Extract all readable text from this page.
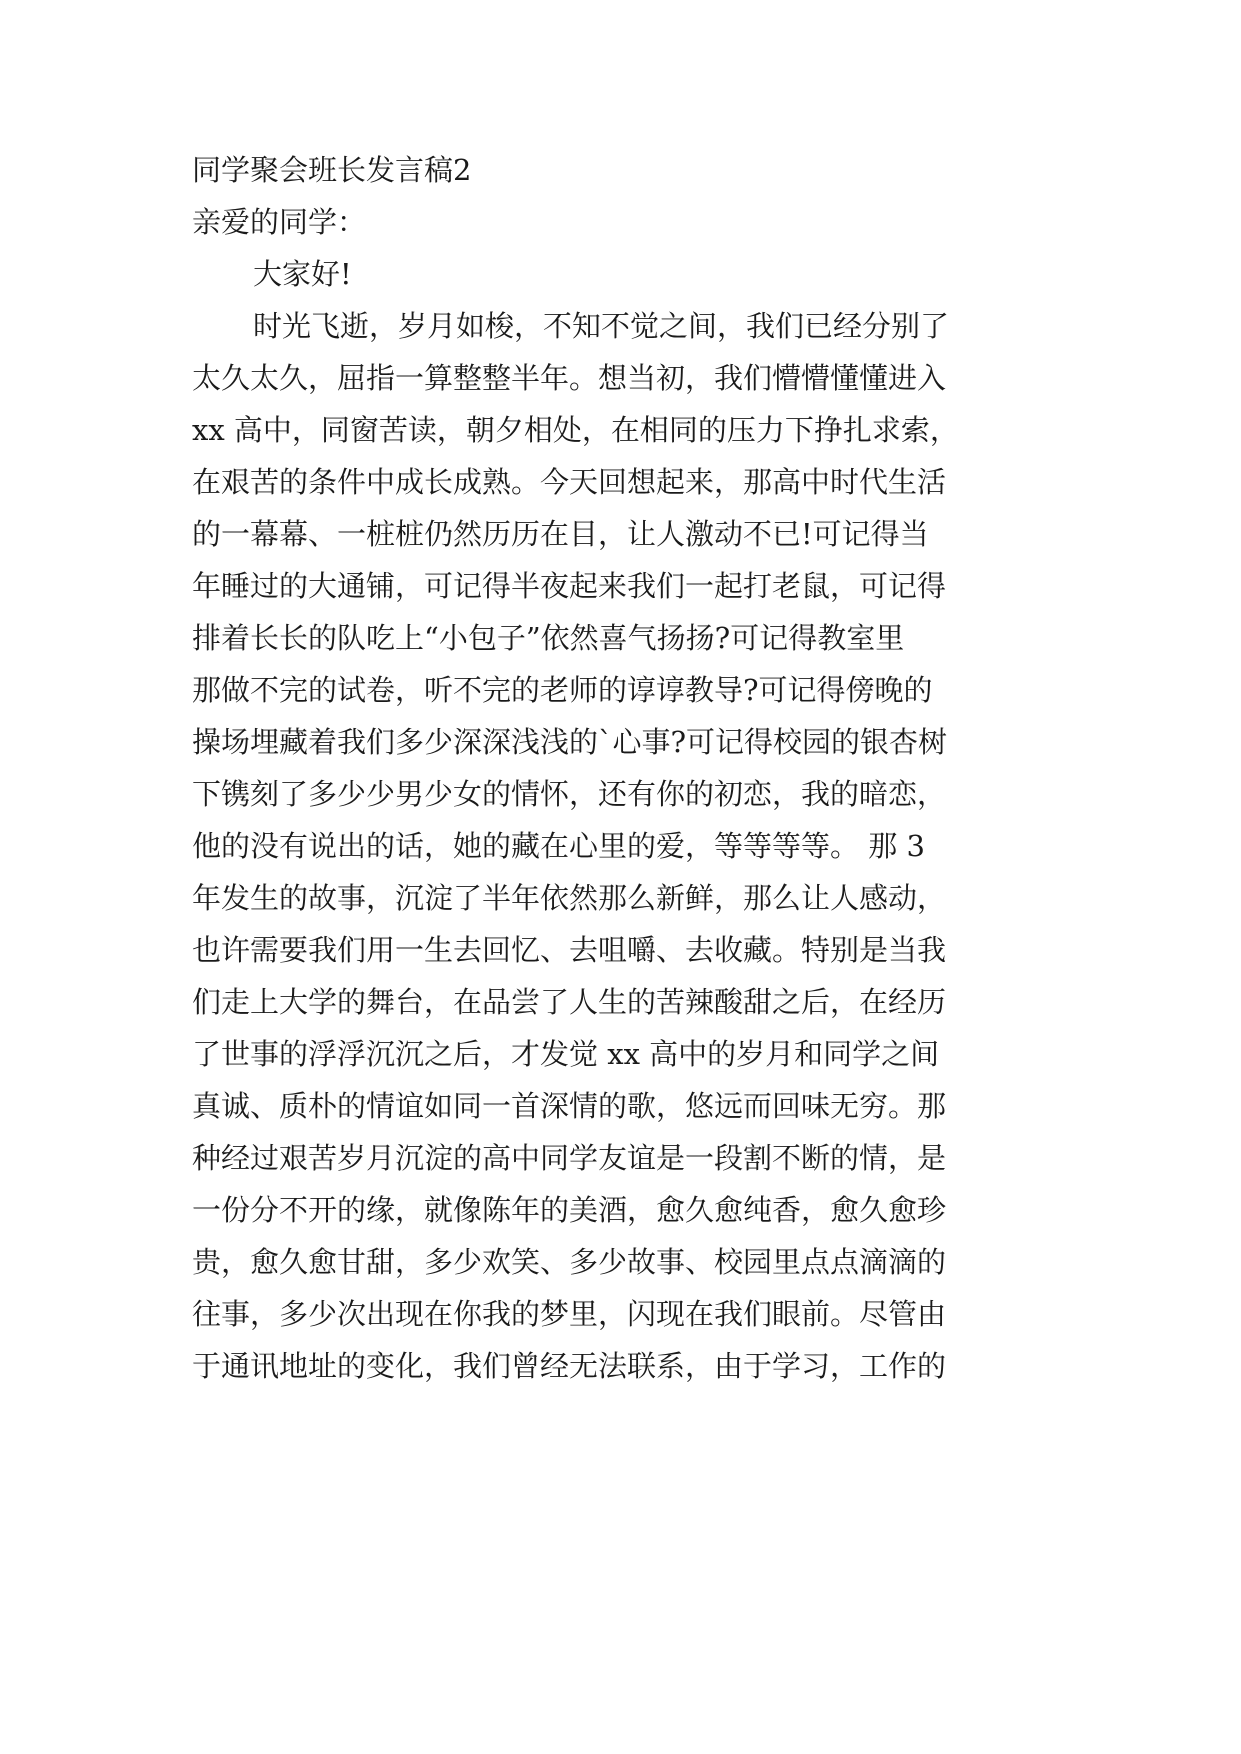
同学聚会班长发言稿2

亲爱的同学：

大家好!

时光飞逝，岁月如梭，不知不觉之间，我们已经分别了

太久太久，屈指一算整整半年。想当初，我们懵懵懂懂进入

xx 高中，同窗苦读，朝夕相处，在相同的压力下挣扎求索，

在艰苦的条件中成长成熟。今天回想起来，那高中时代生活

的一幕幕、一桩桩仍然历历在目，让人激动不已!可记得当

年睡过的大通铺，可记得半夜起来我们一起打老鼠，可记得

排着长长的队吃上“小包子”依然喜气扬扬?可记得教室里

那做不完的试卷，听不完的老师的谆谆教导?可记得傍晚的

操场埋藏着我们多少深深浅浅的`心事?可记得校园的银杏树

下镌刻了多少少男少女的情怀，还有你的初恋，我的暗恋，

他的没有说出的话，她的藏在心里的爱，等等等等。 那 3

年发生的故事，沉淀了半年依然那么新鲜，那么让人感动，

也许需要我们用一生去回忆、去咀嚼、去收藏。特别是当我

们走上大学的舞台，在品尝了人生的苦辣酸甜之后，在经历

了世事的浮浮沉沉之后，才发觉 xx 高中的岁月和同学之间

真诚、质朴的情谊如同一首深情的歌，悠远而回味无穷。那

种经过艰苦岁月沉淀的高中同学友谊是一段割不断的情，是

一份分不开的缘，就像陈年的美酒，愈久愈纯香，愈久愈珍

贵，愈久愈甘甜，多少欢笑、多少故事、校园里点点滴滴的

往事，多少次出现在你我的梦里，闪现在我们眼前。尽管由

于通讯地址的变化，我们曾经无法联系，由于学习，工作的
